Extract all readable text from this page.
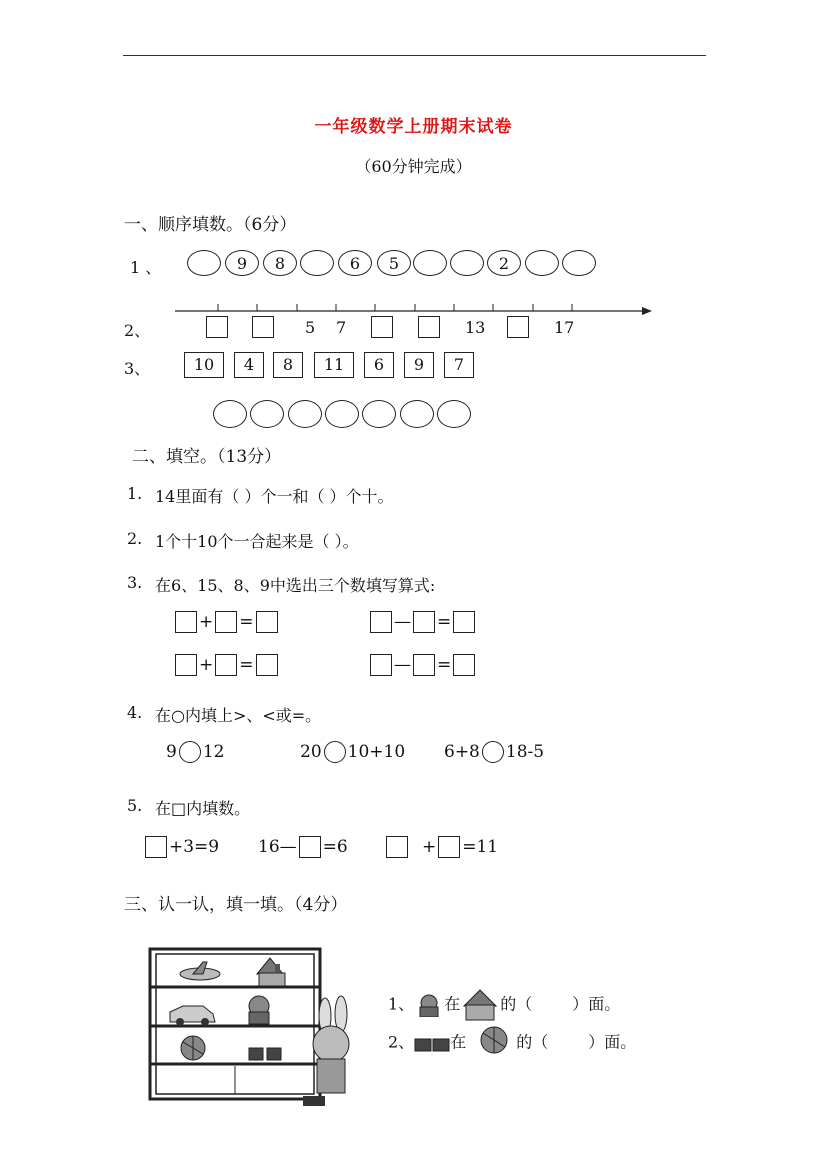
一年级数学上册期末试卷
（60分钟完成）
一、顺序填数。（6分）
1 、	9	8	6	5	2
2、	5 7	13	17
3、	10	4	8	11	6	9	7
二、填空。（13分）
1. 14里面有（ ）个一和（ ）个十。
2. 1个十10个一合起来是（ ）。
3. 在6、15、8、9中选出三个数填写算式:
+ =	— =
+ =	— =
4. 在○内填上>、<或=。
9 12	20 10+10 6+8 18-5
5. 在□内填数。
+3=9 16— =6	+ =11
三、认一认，填一填。（4分）
1、 在	的（	）面。
2、 在	的（	）面。
